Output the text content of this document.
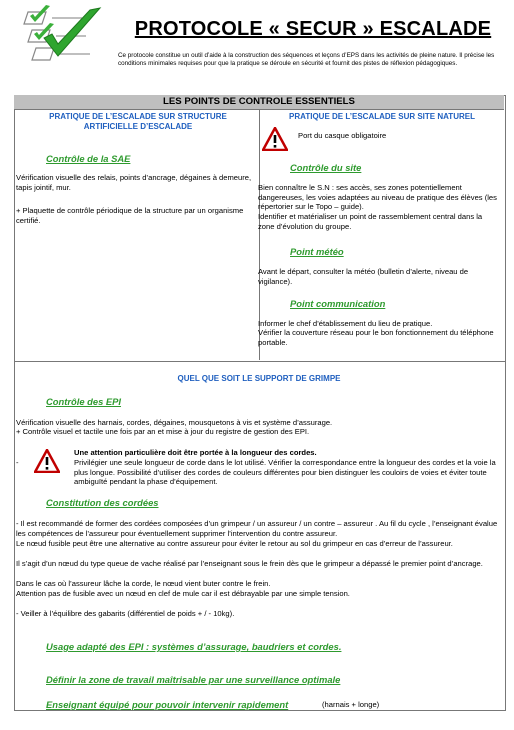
PROTOCOLE « SECUR » ESCALADE
Ce protocole constitue un outil d’aide à la construction des séquences et leçons d’EPS dans les activités de pleine nature. Il précise les conditions minimales requises pour que la pratique se déroule en sécurité et fournit des pistes de réflexion pédagogiques.
LES POINTS DE CONTROLE ESSENTIELS
PRATIQUE DE L’ESCALADE SUR STRUCTURE ARTIFICIELLE D’ESCALADE
Contrôle de la SAE
Vérification visuelle des relais, points d’ancrage, dégaines à demeure, tapis jointif, mur.
+ Plaquette de contrôle périodique de la structure par un organisme certifié.
PRATIQUE DE L’ESCALADE SUR SITE NATUREL
Port du casque obligatoire
Contrôle du site
Bien connaître le S.N : ses accès, ses zones potentiellement dangereuses, les voies adaptées au niveau de pratique des élèves (les répertorier sur le Topo – guide).
Identifier et matérialiser un point de rassemblement central dans la zone d’évolution du groupe.
Point météo
Avant le départ, consulter la météo (bulletin d’alerte, niveau de vigilance).
Point communication
Informer le chef d’établissement du lieu de pratique.
Vérifier la couverture réseau pour le bon fonctionnement du téléphone portable.
QUEL QUE SOIT LE SUPPORT DE GRIMPE
Contrôle des EPI
Vérification visuelle des harnais, cordes, dégaines, mousquetons à vis et système d’assurage.
+ Contrôle visuel et tactile une fois par an et mise à jour du registre de gestion des EPI.
-
Une attention particulière doit être portée à la longueur des cordes.
Privilégier une seule longueur de corde dans le lot utilisé. Vérifier la correspondance entre la longueur des cordes et la voie la plus longue. Possibilité d’utiliser des cordes de couleurs différentes pour bien distinguer les couloirs de voies et éviter toute ambiguïté pendant la phase d’équipement.
Constitution des cordées
- Il est recommandé de former des cordées composées d’un grimpeur / un assureur / un contre – assureur . Au fil du cycle , l’enseignant évalue les compétences de l’assureur pour éventuellement supprimer l’intervention du contre assureur.
Le nœud fusible peut être une alternative au contre assureur pour éviter le retour au sol du grimpeur en cas d’erreur de l’assureur.
Il s’agit d’un nœud du type queue de vache réalisé par l’enseignant sous le frein dès que le grimpeur a dépassé le premier point d’ancrage.
Dans le cas où l’assureur lâche la corde, le nœud vient buter contre le frein.
Attention pas de fusible avec un nœud en clef de mule car il est débrayable par une simple tension.
- Veiller à l’équilibre des gabarits (différentiel de poids + / - 10kg).
Usage adapté des EPI : systèmes d’assurage, baudriers et cordes.
Définir la zone de travail maîtrisable par une surveillance optimale
Enseignant équipé pour pouvoir intervenir rapidement	(harnais + longe)
